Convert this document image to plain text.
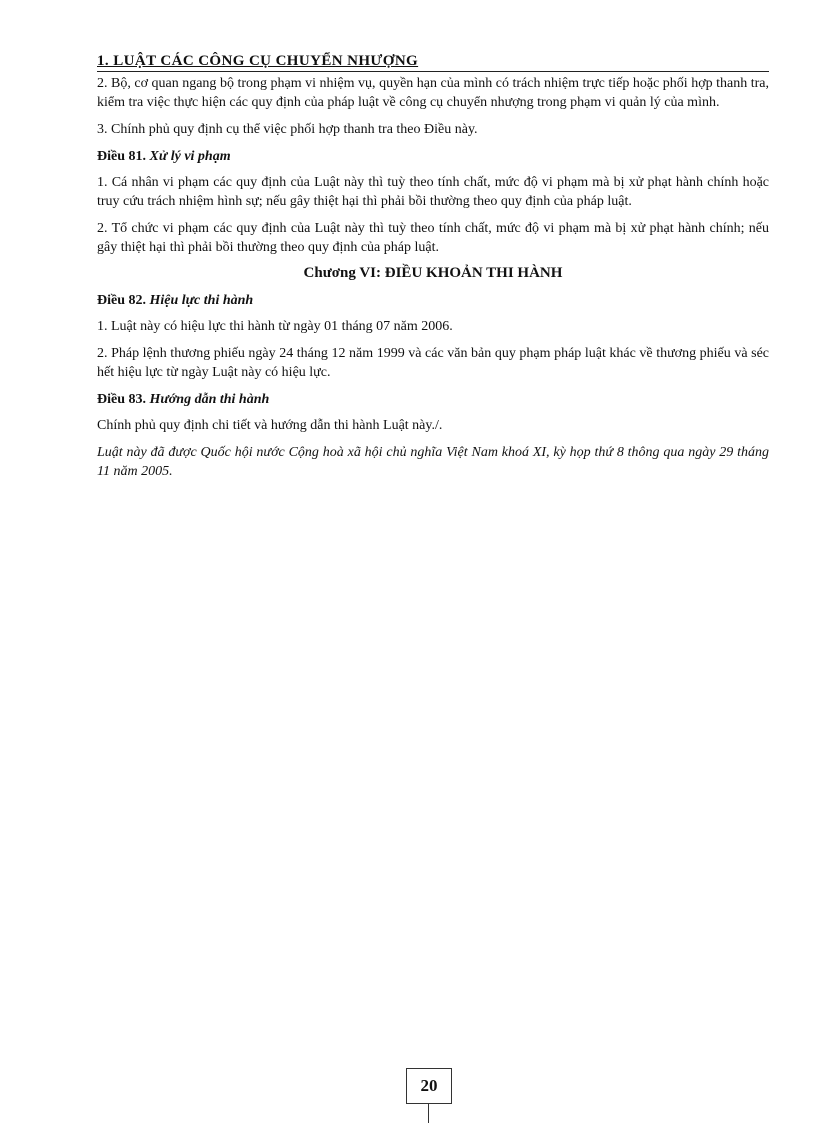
1. LUẬT CÁC CÔNG CỤ CHUYỂN NHƯỢNG

2. Bộ, cơ quan ngang bộ trong phạm vi nhiệm vụ, quyền hạn của mình có trách nhiệm trực tiếp hoặc phối hợp thanh tra, kiểm tra việc thực hiện các quy định của pháp luật về công cụ chuyển nhượng trong phạm vi quản lý của mình.

3. Chính phủ quy định cụ thể việc phối hợp thanh tra theo Điều này.

Điều 81. Xử lý vi phạm

1. Cá nhân vi phạm các quy định của Luật này thì tuỳ theo tính chất, mức độ vi phạm mà bị xử phạt hành chính hoặc truy cứu trách nhiệm hình sự; nếu gây thiệt hại thì phải bồi thường theo quy định của pháp luật.

2. Tổ chức vi phạm các quy định của Luật này thì tuỳ theo tính chất, mức độ vi phạm mà bị xử phạt hành chính; nếu gây thiệt hại thì phải bồi thường theo quy định của pháp luật.

Chương VI: ĐIỀU KHOẢN THI HÀNH
Điều 82. Hiệu lực thi hành

1. Luật này có hiệu lực thi hành từ ngày 01 tháng 07 năm 2006.

2. Pháp lệnh thương phiếu ngày 24 tháng 12 năm 1999 và các văn bản quy phạm pháp luật khác về thương phiếu và séc hết hiệu lực từ ngày Luật này có hiệu lực.

Điều 83. Hướng dẫn thi hành

Chính phủ quy định chi tiết và hướng dẫn thi hành Luật này./.

Luật này đã được Quốc hội nước Cộng hoà xã hội chủ nghĩa Việt Nam khoá XI, kỳ họp thứ 8 thông qua ngày 29 tháng 11 năm 2005.

20
